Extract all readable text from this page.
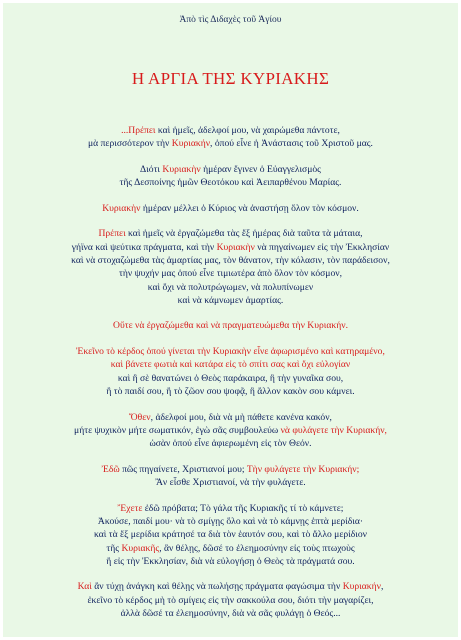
Ἀπὸ τὶς Διδαχὲς τοῦ Ἁγίου
Η ΑΡΓΙΑ ΤΗΣ ΚΥΡΙΑΚΗΣ
...Πρέπει καὶ ἡμεῖς, ἀδελφοί μου, νὰ χαιρώμεθα πάντοτε,
μὰ περισσότερον τὴν Κυριακήν, ὁπού εἶνε ἡ Ἀνάστασις τοῦ Χριστοῦ μας.
Διότι Κυριακὴν ἡμέραν ἔγινεν ὁ Εὐαγγελισμὸς
τῆς Δεσποίνης ἡμῶν Θεοτόκου καὶ Ἀειπαρθένου Μαρίας.
Κυριακὴν ἡμέραν μέλλει ὁ Κύριος νὰ ἀναστήσῃ ὅλον τὸν κόσμον.
Πρέπει καὶ ἡμεῖς νὰ ἐργαζώμεθα τὰς ἕξ ἡμέρας διὰ ταῦτα τὰ μάταια,
γήϊνα καὶ ψεύτικα πράγματα, καὶ τὴν Κυριακὴν νὰ πηγαίνωμεν εἰς τὴν Ἐκκλησίαν
καὶ νὰ στοχαζώμεθα τὰς ἁμαρτίας μας, τὸν θάνατον, τὴν κόλασιν, τὸν παράδεισον,
τὴν ψυχήν μας ὁπού εἶνε τιμιωτέρα ἀπὸ ὅλον τὸν κόσμον,
καὶ ὄχι νὰ πολυτρώγωμεν, νὰ πολυπίνωμεν
καὶ νὰ κάμνωμεν ἁμαρτίας.
Οὔτε νὰ ἐργαζώμεθα καὶ νὰ πραγματευώμεθα τὴν Κυριακήν.
Ἐκεῖνο τὸ κέρδος ὁπού γίνεται τὴν Κυριακὴν εἶνε ἀφωρισμένο καὶ κατηραμένο,
καὶ βάνετε φωτιὰ καὶ κατάρα εἰς τὸ σπίτι σας καὶ ὄχι εὐλογίαν
καὶ ἢ σὲ θανατώνει ὁ Θεὸς παράκαιρα, ἢ τὴν γυναῖκα σου,
ἢ τὸ παιδί σου, ἢ τὸ ζῶον σου ψοφᾷ, ἢ ἄλλον κακὸν σου κάμνει.
Ὅθεν, ἀδελφοί μου, διὰ νὰ μὴ πάθετε κανένα κακόν,
μήτε ψυχικὸν μήτε σωματικόν, ἐγὼ σᾶς συμβουλεύω νὰ φυλάγετε τὴν Κυριακήν,
ὡσὰν ὁπού εἶνε ἀφιερωμένη εἰς τὸν Θεόν.
Ἐδῶ πῶς πηγαίνετε, Χριστιανοί μου; Τὴν φυλάγετε τὴν Κυριακήν;
Ἂν εἶσθε Χριστιανοί, νὰ τὴν φυλάγετε.
Ἔχετε ἐδῶ πρόβατα; Τὸ γάλα τῆς Κυριακῆς τί τὸ κάμνετε;
Ἀκούσε, παιδί μου· νὰ τὸ σμίγῃς ὅλο καὶ νὰ τὸ κάμνῃς ἑπτὰ μερίδια·
καὶ τὰ ἕξ μερίδια κράτησέ τα διὰ τὸν ἑαυτόν σου, καὶ τὸ ἄλλο μερίδιον
τῆς Κυριακῆς, ἂν θέλῃς, δῶσέ το ἐλεημοσύνην εἰς τοὺς πτωχοὺς
ἢ εἰς τὴν Ἐκκλησίαν, διὰ νὰ εὐλογήσῃ ὁ Θεὸς τὰ πράγματά σου.
Καὶ ἂν τύχῃ ἀνάγκη καὶ θέλῃς νὰ πωλήσῃς πράγματα φαγώσιμα τὴν Κυριακήν,
ἐκεῖνο τὸ κέρδος μὴ τὸ σμίγεις εἰς τὴν σακκούλα σου, διότι τὴν μαγαρίζει,
ἀλλὰ δῶσέ τα ἐλεημοσύνην, διὰ νὰ σᾶς φυλάγῃ ὁ Θεός...
